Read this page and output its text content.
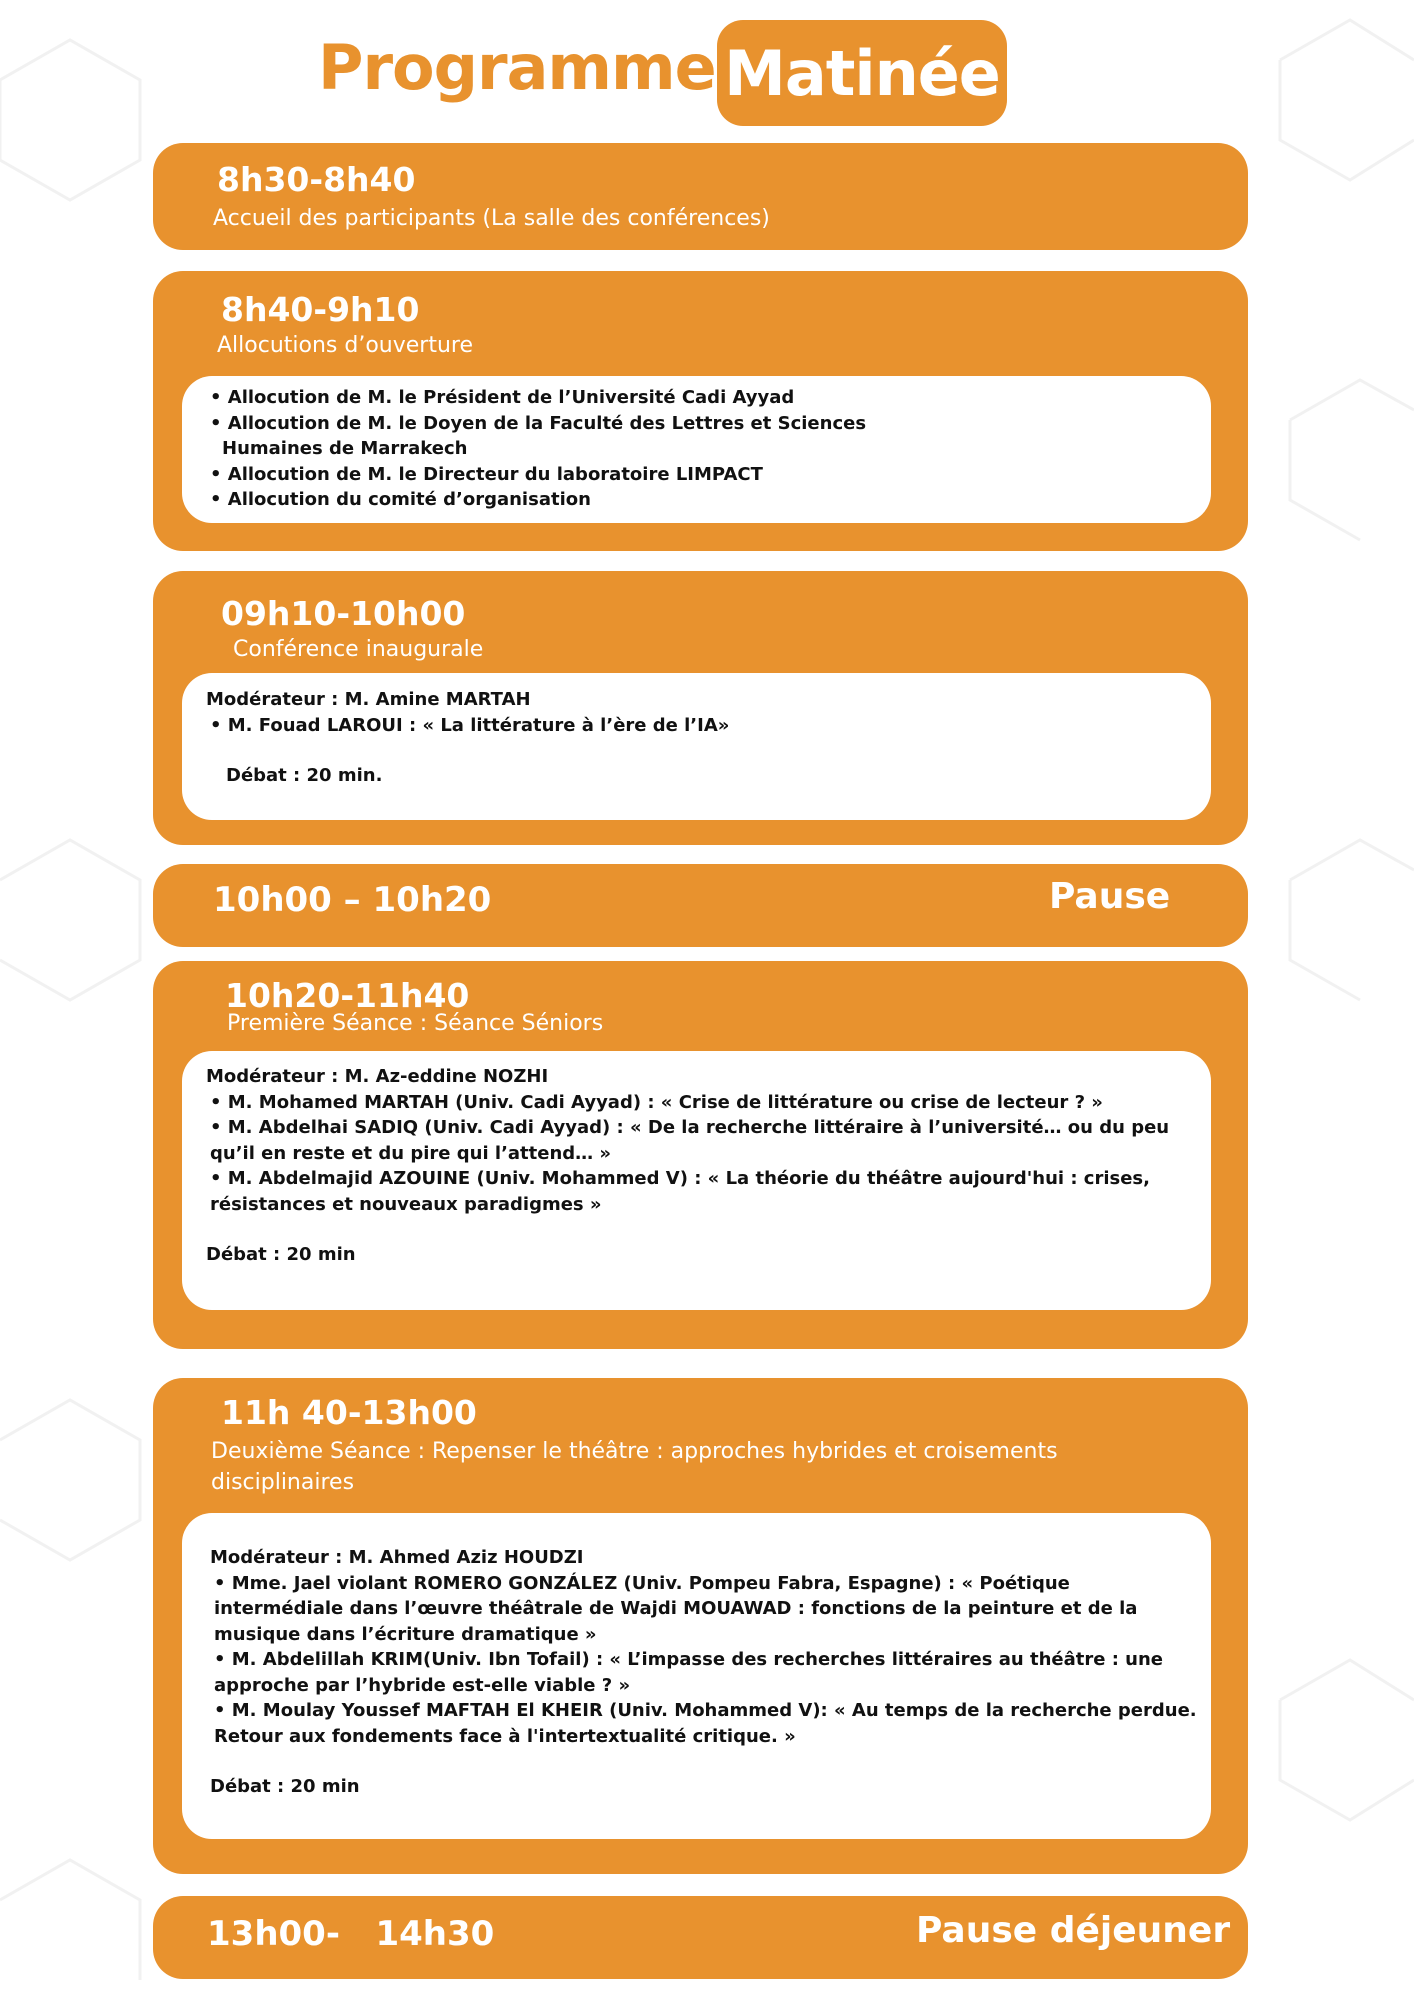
Programme Matinée
8h30-8h40
Accueil des participants (La salle des conférences)
8h40-9h10
Allocutions d’ouverture

• Allocution de M. le Président de l’Université Cadi Ayyad

• Allocution de M. le Doyen de la Faculté des Lettres et Sciences

Humaines de Marrakech

• Allocution de M. le Directeur du laboratoire LIMPACT

• Allocution du comité d’organisation

09h10-10h00
Conférence inaugurale

Modérateur : M. Amine MARTAH

• M. Fouad LAROUI : « La littérature à l’ère de l’IA»

Débat : 20 min.

10h00 – 10h20	Pause
10h20-11h40
Première Séance : Séance Séniors

Modérateur : M. Az-eddine NOZHI

• M. Mohamed MARTAH (Univ. Cadi Ayyad) : « Crise de littérature ou crise de lecteur ? »

• M. Abdelhai SADIQ (Univ. Cadi Ayyad) : « De la recherche littéraire à l’université… ou du peu qu’il en reste et du pire qui l’attend… »

• M. Abdelmajid AZOUINE (Univ. Mohammed V) : « La théorie du théâtre aujourd'hui : crises, résistances et nouveaux paradigmes »

Débat : 20 min

11h 40-13h00
Deuxième Séance : Repenser le théâtre : approches hybrides et croisements disciplinaires

Modérateur : M. Ahmed Aziz HOUDZI

• Mme. Jael violant ROMERO GONZÁLEZ (Univ. Pompeu Fabra, Espagne) : « Poétique intermédiale dans l’œuvre théâtrale de Wajdi MOUAWAD : fonctions de la peinture et de la musique dans l’écriture dramatique »

• M. Abdelillah KRIM(Univ. Ibn Tofail) : « L’impasse des recherches littéraires au théâtre : une approche par l’hybride est-elle viable ? »

• M. Moulay Youssef MAFTAH El KHEIR (Univ. Mohammed V): « Au temps de la recherche perdue. Retour aux fondements face à l'intertextualité critique. »

Débat : 20 min

13h00-   14h30	Pause déjeuner
